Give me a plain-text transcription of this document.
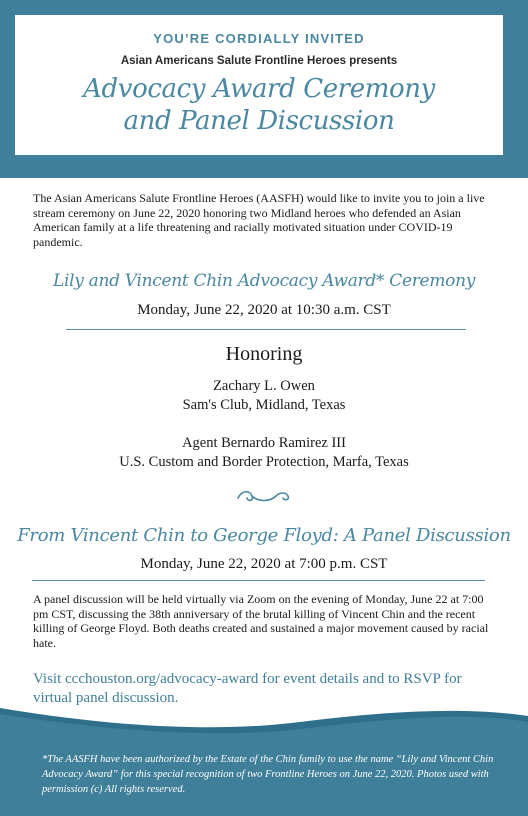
YOU’RE CORDIALLY INVITED
Asian Americans Salute Frontline Heroes presents
Advocacy Award Ceremony
and Panel Discussion

The Asian Americans Salute Frontline Heroes (AASFH) would like to invite you to join a live stream ceremony on June 22, 2020 honoring two Midland heroes who defended an Asian American family at a life threatening and racially motivated situation under COVID-19 pandemic.

Lily and Vincent Chin Advocacy Award* Ceremony
Monday, June 22, 2020 at 10:30 a.m. CST
Honoring
Zachary L. Owen
Sam's Club, Midland, Texas
Agent Bernardo Ramirez III
U.S. Custom and Border Protection, Marfa, Texas
From Vincent Chin to George Floyd: A Panel Discussion
Monday, June 22, 2020 at 7:00 p.m. CST

A panel discussion will be held virtually via Zoom on the evening of Monday, June 22 at 7:00 pm CST, discussing the 38th anniversary of the brutal killing of Vincent Chin and the recent killing of George Floyd. Both deaths created and sustained a major movement caused by racial hate.

Visit ccchouston.org/advocacy-award for event details and to RSVP for virtual panel discussion.

*The AASFH have been authorized by the Estate of the Chin family to use the name “Lily and Vincent Chin Advocacy Award” for this special recognition of two Frontline Heroes on June 22, 2020. Photos used with permission (c) All rights reserved.
